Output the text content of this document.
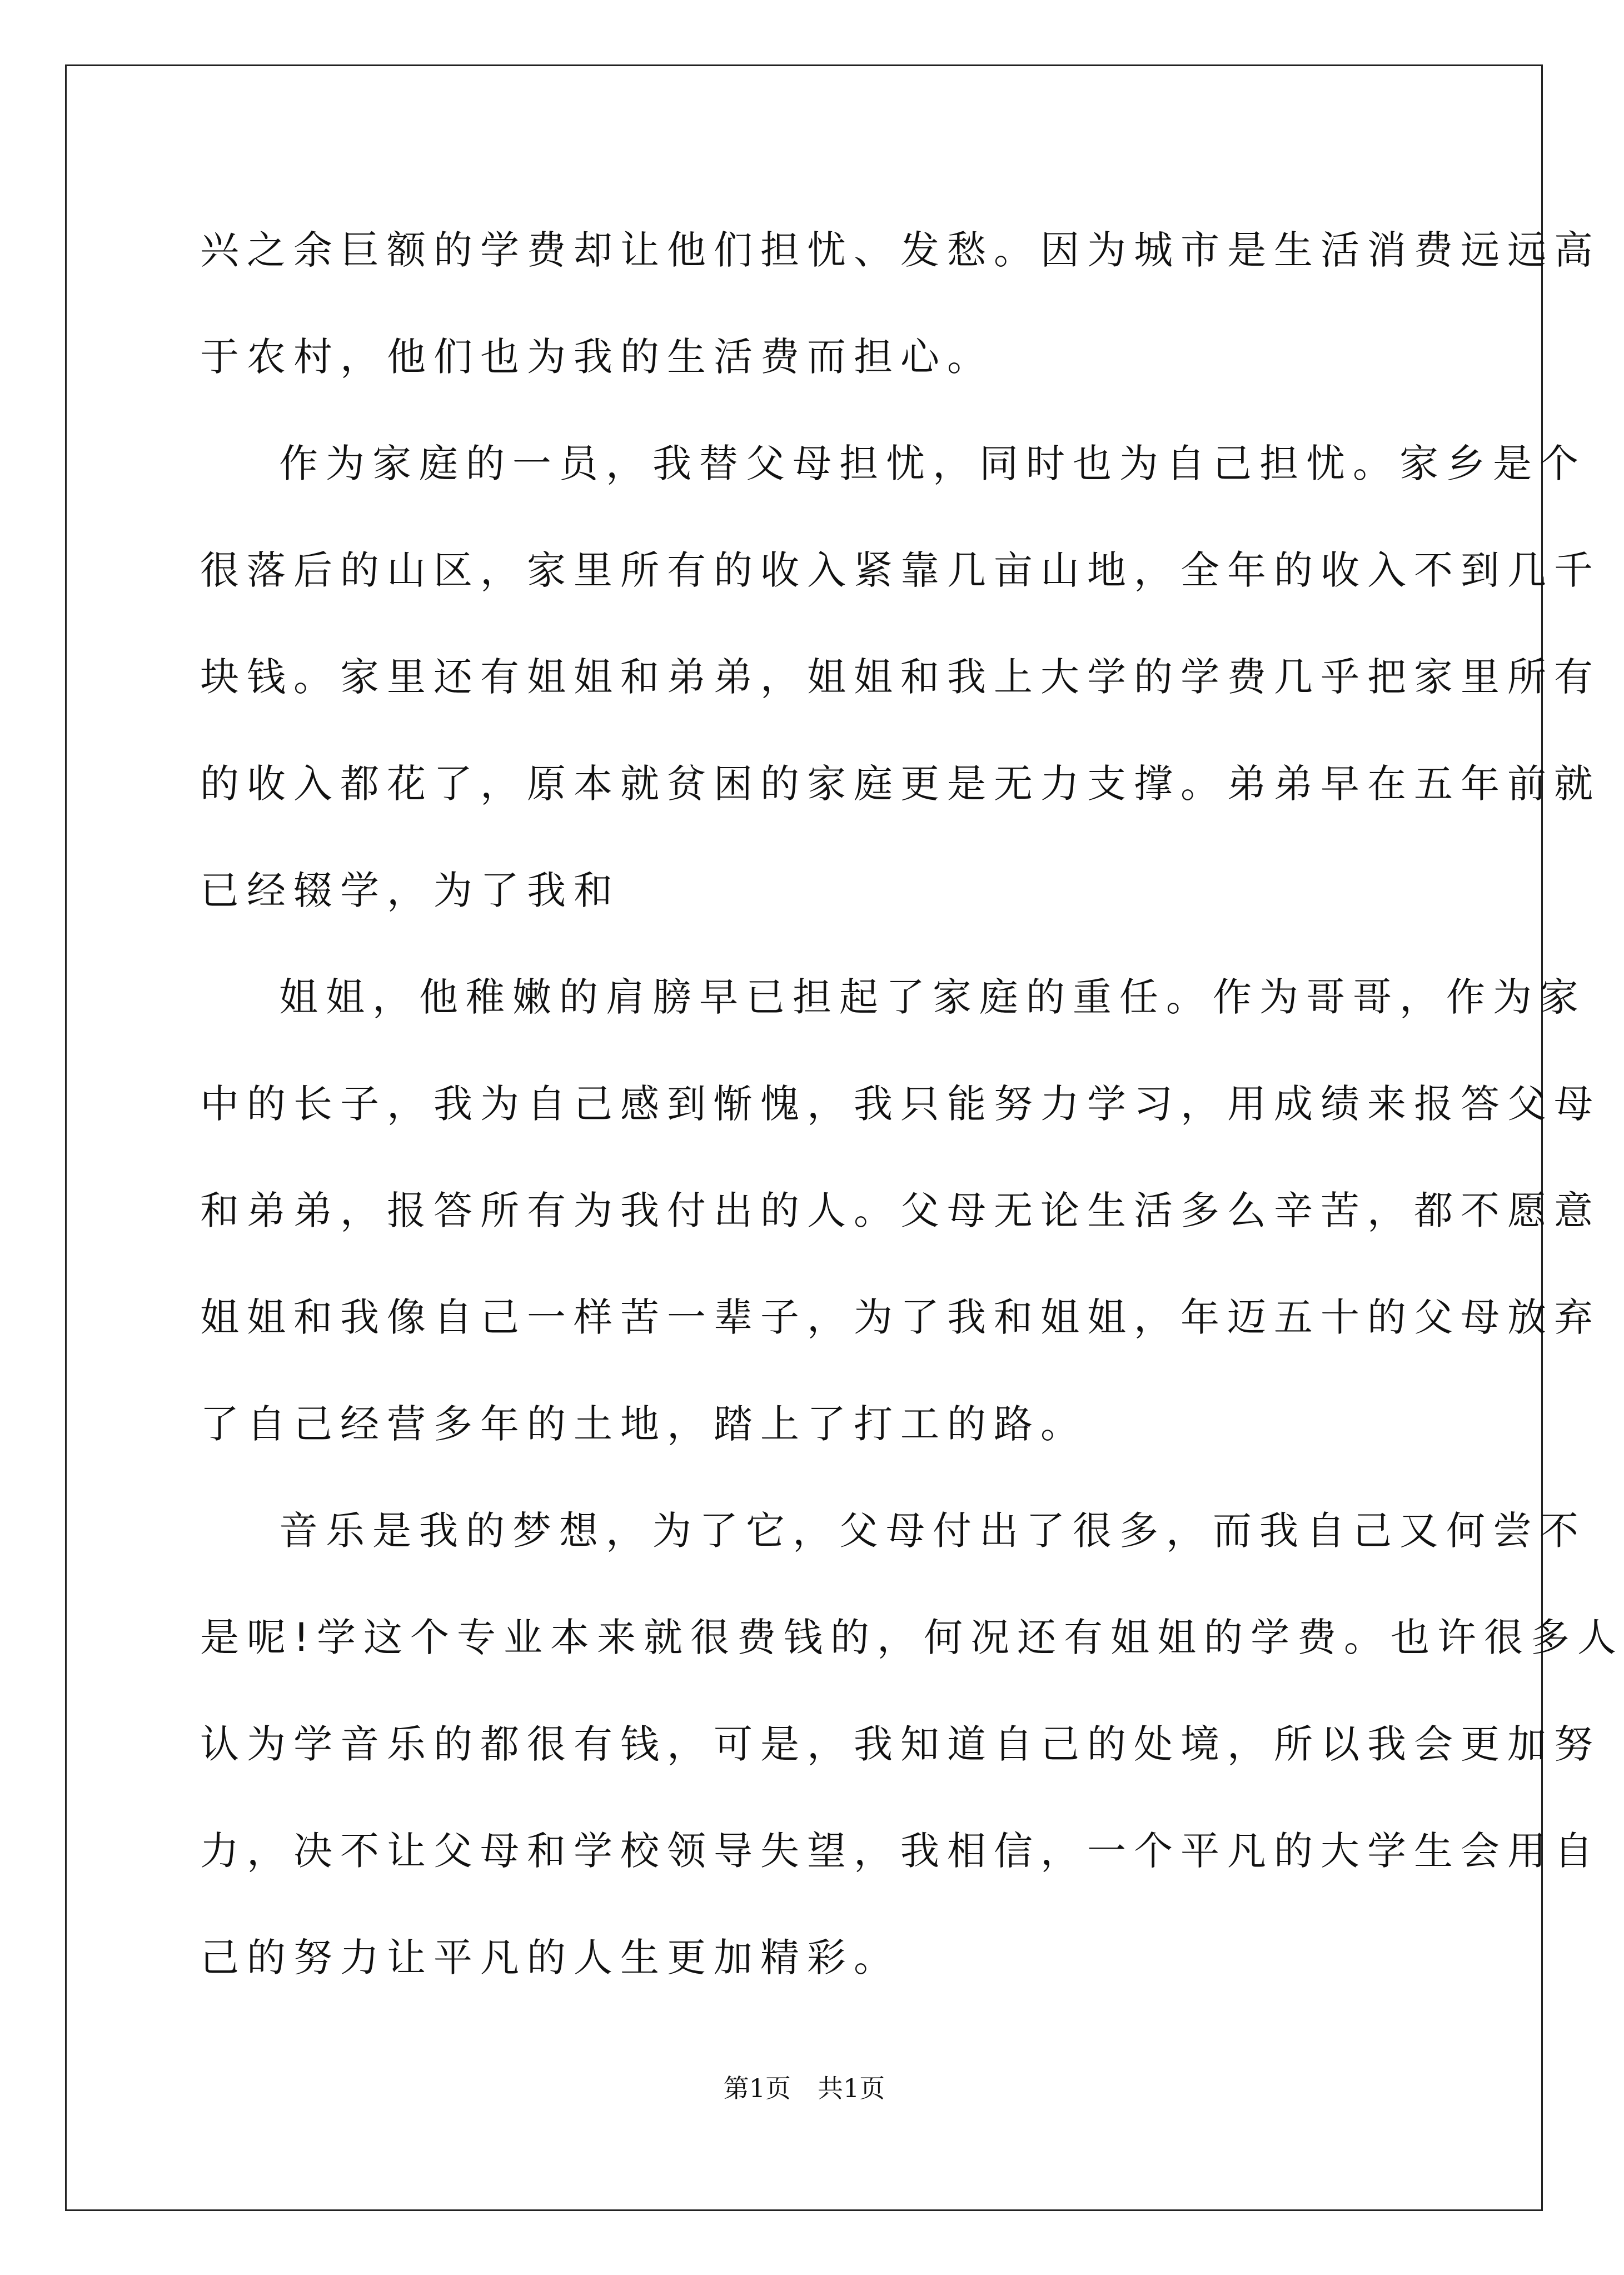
兴之余巨额的学费却让他们担忧、发愁。因为城市是生活消费远远高
于农村，他们也为我的生活费而担心。
作为家庭的一员，我替父母担忧，同时也为自己担忧。家乡是个
很落后的山区，家里所有的收入紧靠几亩山地，全年的收入不到几千
块钱。家里还有姐姐和弟弟，姐姐和我上大学的学费几乎把家里所有
的收入都花了，原本就贫困的家庭更是无力支撑。弟弟早在五年前就
已经辍学，为了我和
姐姐，他稚嫩的肩膀早已担起了家庭的重任。作为哥哥，作为家
中的长子，我为自己感到惭愧，我只能努力学习，用成绩来报答父母
和弟弟，报答所有为我付出的人。父母无论生活多么辛苦，都不愿意
姐姐和我像自己一样苦一辈子，为了我和姐姐，年迈五十的父母放弃
了自己经营多年的土地，踏上了打工的路。
音乐是我的梦想，为了它，父母付出了很多，而我自己又何尝不
是呢!学这个专业本来就很费钱的，何况还有姐姐的学费。也许很多人
认为学音乐的都很有钱，可是，我知道自己的处境，所以我会更加努
力，决不让父母和学校领导失望，我相信，一个平凡的大学生会用自
己的努力让平凡的人生更加精彩。
第1页 共1页
